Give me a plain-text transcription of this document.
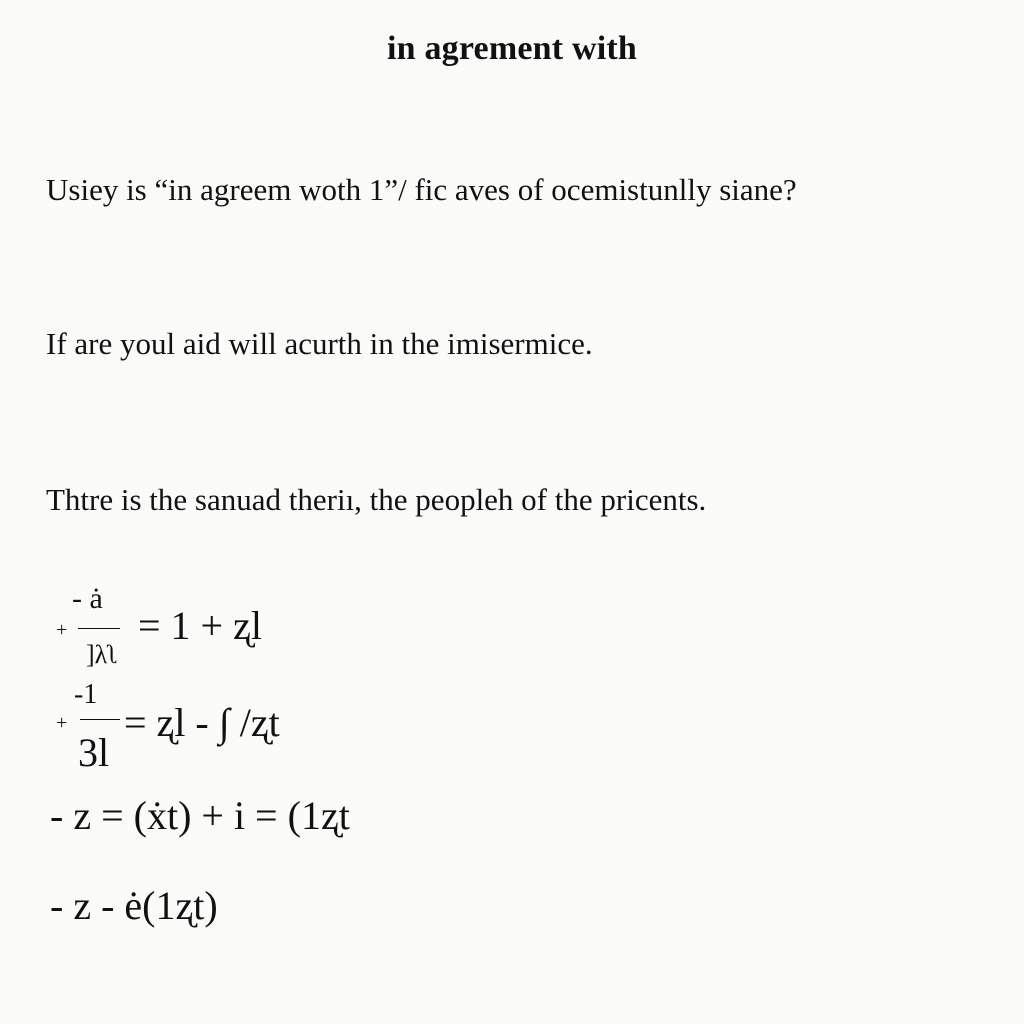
in agrement with
Usiey is “in agreem woth 1”/ fic aves of ocemistunlly siane?
If are youl aid will acurth in the imisermice.
Thtre is the sanuad theriı, the peopleh of the pricents.
+
- ȧ
]λʅ
= 1 + ʐl
+
-1
3l
= ʐl - ∫ /ʐt
- z = (ẋt) + i = (1ʐt
- z - ė(1ʐt)
